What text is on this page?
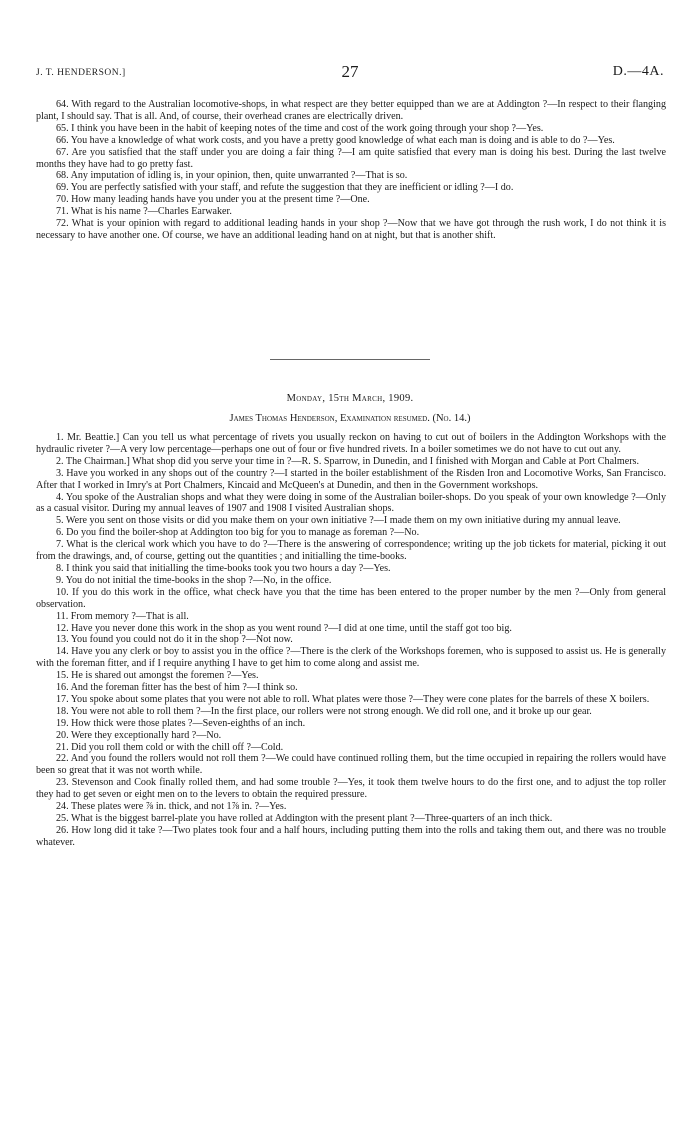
J. T. HENDERSON.]	27	D.—4A.

64. With regard to the Australian locomotive-shops, in what respect are they better equipped than we are at Addington ?—In respect to their flanging plant, I should say. That is all. And, of course, their overhead cranes are electrically driven.

65. I think you have been in the habit of keeping notes of the time and cost of the work going through your shop ?—Yes.

66. You have a knowledge of what work costs, and you have a pretty good knowledge of what each man is doing and is able to do ?—Yes.

67. Are you satisfied that the staff under you are doing a fair thing ?—I am quite satisfied that every man is doing his best. During the last twelve months they have had to go pretty fast.

68. Any imputation of idling is, in your opinion, then, quite unwarranted ?—That is so.

69. You are perfectly satisfied with your staff, and refute the suggestion that they are inefficient or idling ?—I do.

70. How many leading hands have you under you at the present time ?—One.

71. What is his name ?—Charles Earwaker.

72. What is your opinion with regard to additional leading hands in your shop ?—Now that we have got through the rush work, I do not think it is necessary to have another one. Of course, we have an additional leading hand on at night, but that is another shift.

Monday, 15th March, 1909.
James Thomas Henderson, Examination resumed. (No. 14.)

1. Mr. Beattie.] Can you tell us what percentage of rivets you usually reckon on having to cut out of boilers in the Addington Workshops with the hydraulic riveter ?—A very low percentage—perhaps one out of four or five hundred rivets. In a boiler sometimes we do not have to cut out any.

2. The Chairman.] What shop did you serve your time in ?—R. S. Sparrow, in Dunedin, and I finished with Morgan and Cable at Port Chalmers.

3. Have you worked in any shops out of the country ?—I started in the boiler establishment of the Risden Iron and Locomotive Works, San Francisco. After that I worked in Imry's at Port Chalmers, Kincaid and McQueen's at Dunedin, and then in the Government workshops.

4. You spoke of the Australian shops and what they were doing in some of the Australian boiler-shops. Do you speak of your own knowledge ?—Only as a casual visitor. During my annual leaves of 1907 and 1908 I visited Australian shops.

5. Were you sent on those visits or did you make them on your own initiative ?—I made them on my own initiative during my annual leave.

6. Do you find the boiler-shop at Addington too big for you to manage as foreman ?—No.

7. What is the clerical work which you have to do ?—There is the answering of correspondence; writing up the job tickets for material, picking it out from the drawings, and, of course, getting out the quantities ; and initialling the time-books.

8. I think you said that initialling the time-books took you two hours a day ?—Yes.

9. You do not initial the time-books in the shop ?—No, in the office.

10. If you do this work in the office, what check have you that the time has been entered to the proper number by the men ?—Only from general observation.

11. From memory ?—That is all.

12. Have you never done this work in the shop as you went round ?—I did at one time, until the staff got too big.

13. You found you could not do it in the shop ?—Not now.

14. Have you any clerk or boy to assist you in the office ?—There is the clerk of the Workshops foremen, who is supposed to assist us. He is generally with the foreman fitter, and if I require anything I have to get him to come along and assist me.

15. He is shared out amongst the foremen ?—Yes.

16. And the foreman fitter has the best of him ?—I think so.

17. You spoke about some plates that you were not able to roll. What plates were those ?—They were cone plates for the barrels of these X boilers.

18. You were not able to roll them ?—In the first place, our rollers were not strong enough. We did roll one, and it broke up our gear.

19. How thick were those plates ?—Seven-eighths of an inch.

20. Were they exceptionally hard ?—No.

21. Did you roll them cold or with the chill off ?—Cold.

22. And you found the rollers would not roll them ?—We could have continued rolling them, but the time occupied in repairing the rollers would have been so great that it was not worth while.

23. Stevenson and Cook finally rolled them, and had some trouble ?—Yes, it took them twelve hours to do the first one, and to adjust the top roller they had to get seven or eight men on to the levers to obtain the required pressure.

24. These plates were ⅞ in. thick, and not 1⅞ in. ?—Yes.

25. What is the biggest barrel-plate you have rolled at Addington with the present plant ?—Three-quarters of an inch thick.

26. How long did it take ?—Two plates took four and a half hours, including putting them into the rolls and taking them out, and there was no trouble whatever.
